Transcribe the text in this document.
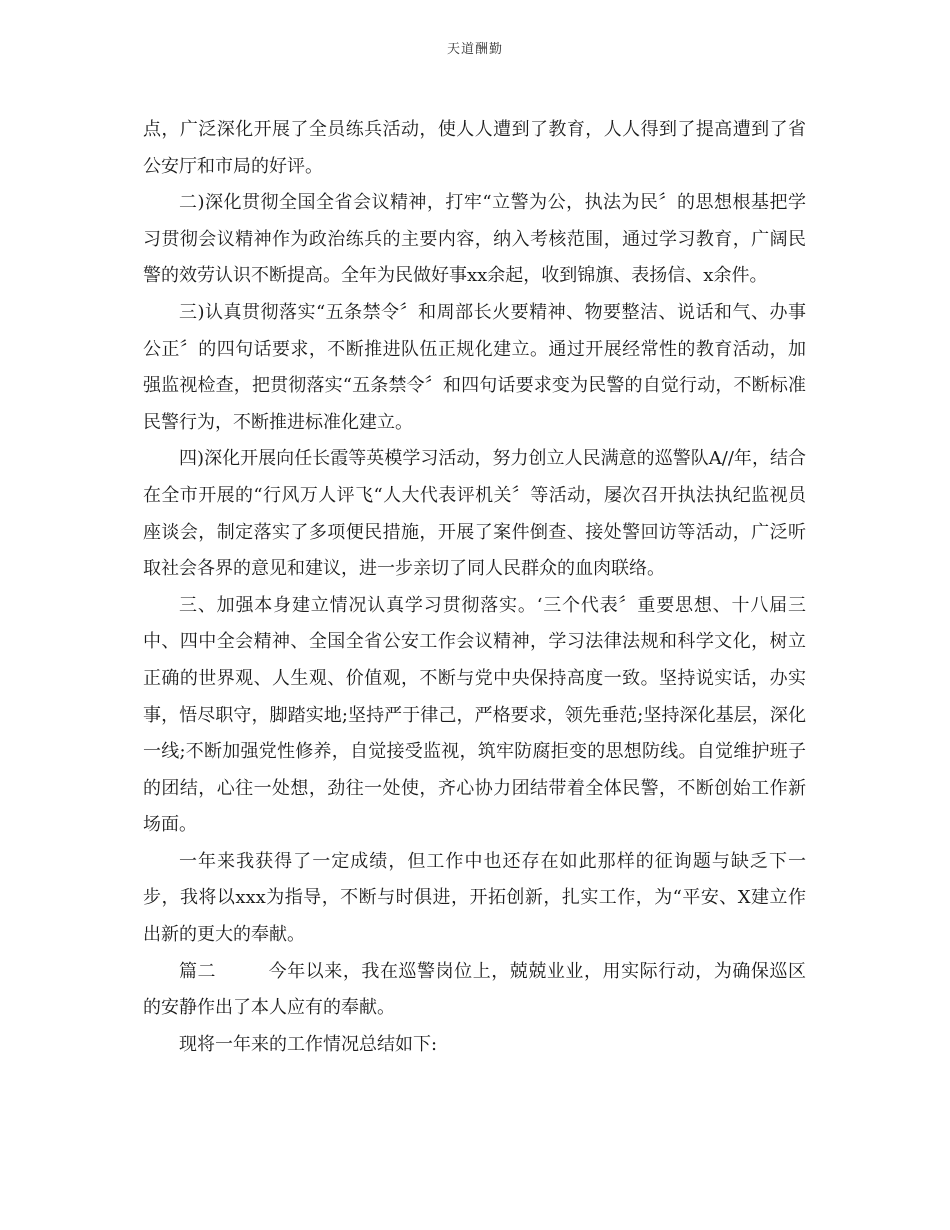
天道酬勤

点，广泛深化开展了全员练兵活动，使人人遭到了教育，人人得到了提高遭到了省公安厅和市局的好评。

二)深化贯彻全国全省会议精神，打牢“立警为公，执法为民〞的思想根基把学习贯彻会议精神作为政治练兵的主要内容，纳入考核范围，通过学习教育，广阔民警的效劳认识不断提高。全年为民做好事xx余起，收到锦旗、表扬信、x余件。

三)认真贯彻落实“五条禁令〞和周部长火要精神、物要整洁、说话和气、办事公正〞的四句话要求，不断推进队伍正规化建立。通过开展经常性的教育活动，加强监视检查，把贯彻落实“五条禁令〞和四句话要求变为民警的自觉行动，不断标准民警行为，不断推进标准化建立。

四)深化开展向任长霞等英模学习活动，努力创立人民满意的巡警队A//年，结合在全市开展的“行风万人评飞“人大代表评机关〞等活动，屡次召开执法执纪监视员座谈会，制定落实了多项便民措施，开展了案件倒查、接处警回访等活动，广泛听取社会各界的意见和建议，进一步亲切了同人民群众的血肉联络。

三、加强本身建立情况认真学习贯彻落实。‘三个代表〞重要思想、十八届三中、四中全会精神、全国全省公安工作会议精神，学习法律法规和科学文化，树立正确的世界观、人生观、价值观，不断与党中央保持高度一致。坚持说实话，办实事，悟尽职守，脚踏实地;坚持严于律己，严格要求，领先垂范;坚持深化基层，深化一线;不断加强党性修养，自觉接受监视，筑牢防腐拒变的思想防线。自觉维护班子的团结，心往一处想，劲往一处使，齐心协力团结带着全体民警，不断创始工作新场面。

一年来我获得了一定成绩，但工作中也还存在如此那样的征询题与缺乏下一步，我将以xxx为指导，不断与时俱进，开拓创新，扎实工作，为“平安、X建立作出新的更大的奉献。

篇二	今年以来，我在巡警岗位上，兢兢业业，用实际行动，为确保巡区的安静作出了本人应有的奉献。

现将一年来的工作情况总结如下:
